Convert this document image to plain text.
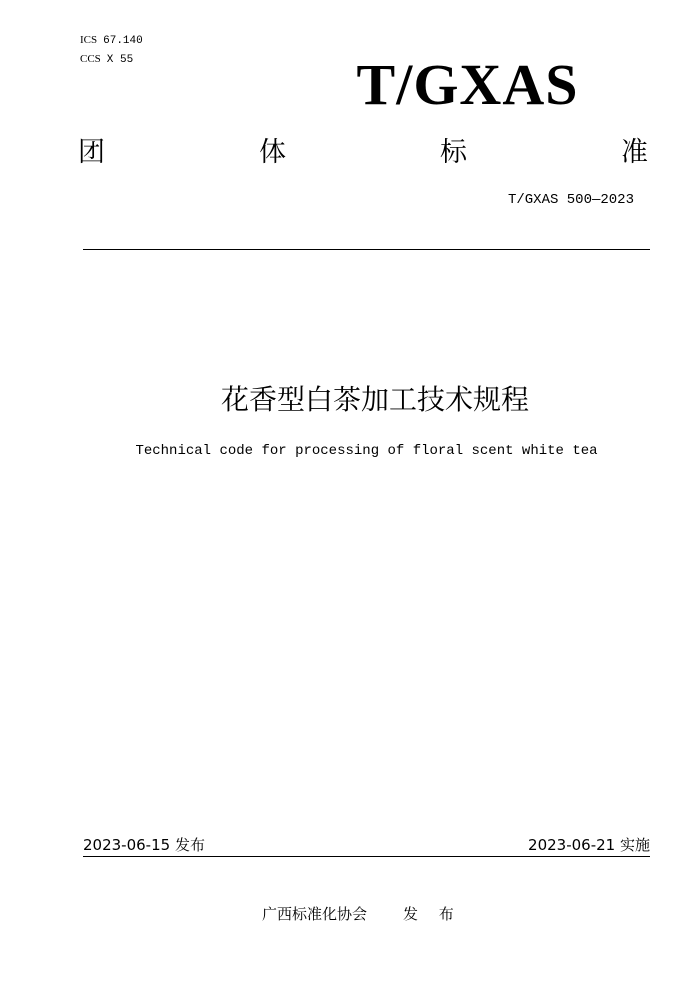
ICS 67.140
CCS X 55	T/GXAS
团	体	标	准
T/GXAS 500—2023
花香型白茶加工技术规程
Technical code for processing of floral scent white tea
2023-06-15 发布	2023-06-21 实施
广西标准化协会 发 布
